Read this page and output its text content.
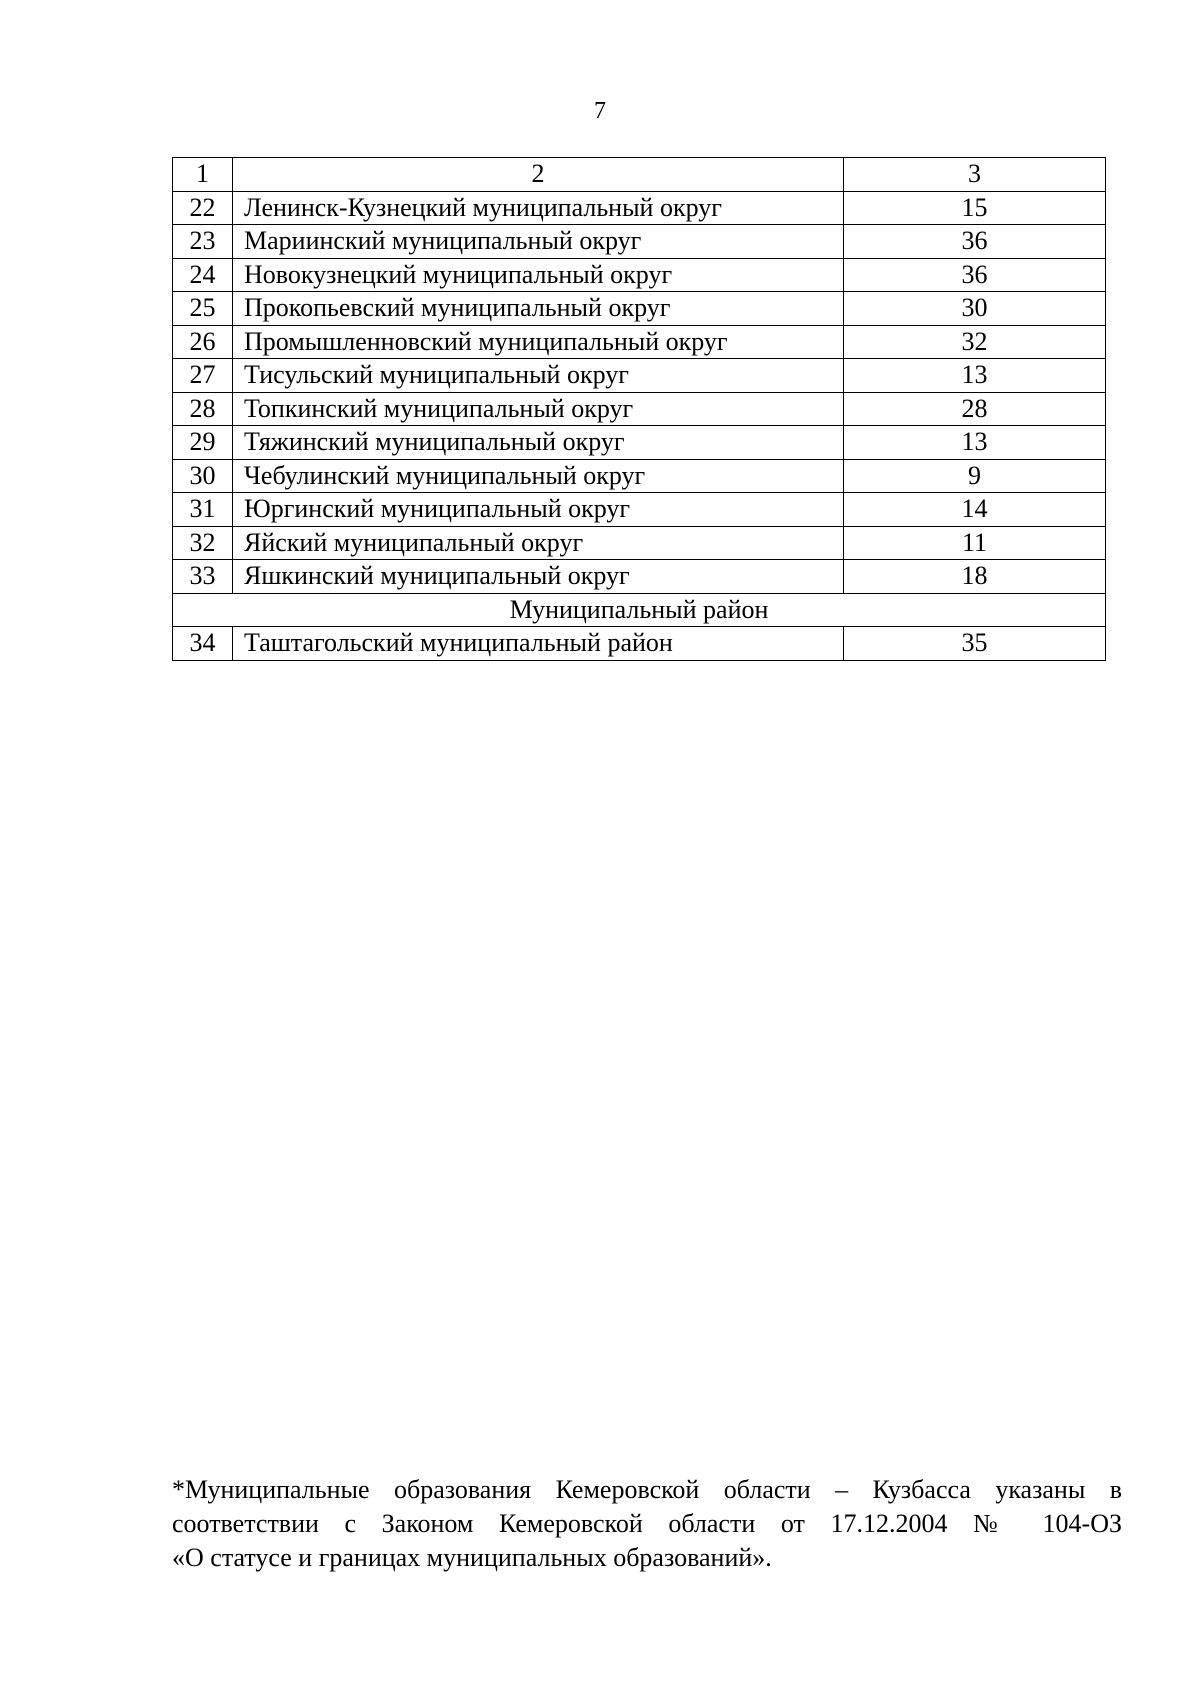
7
1	2	3
22	Ленинск-Кузнецкий муниципальный округ	15
23	Мариинский муниципальный округ	36
24	Новокузнецкий муниципальный округ	36
25	Прокопьевский муниципальный округ	30
26	Промышленновский муниципальный округ	32
27	Тисульский муниципальный округ	13
28	Топкинский муниципальный округ	28
29	Тяжинский муниципальный округ	13
30	Чебулинский муниципальный округ	9
31	Юргинский муниципальный округ	14
32	Яйский муниципальный округ	11
33	Яшкинский муниципальный округ	18
Муниципальный район		
34	Таштагольский муниципальный район	35
*Муниципальные образования Кемеровской области – Кузбасса указаны в
соответствии с Законом Кемеровской области от 17.12.2004 № 104-ОЗ
«О статусе и границах муниципальных образований».
